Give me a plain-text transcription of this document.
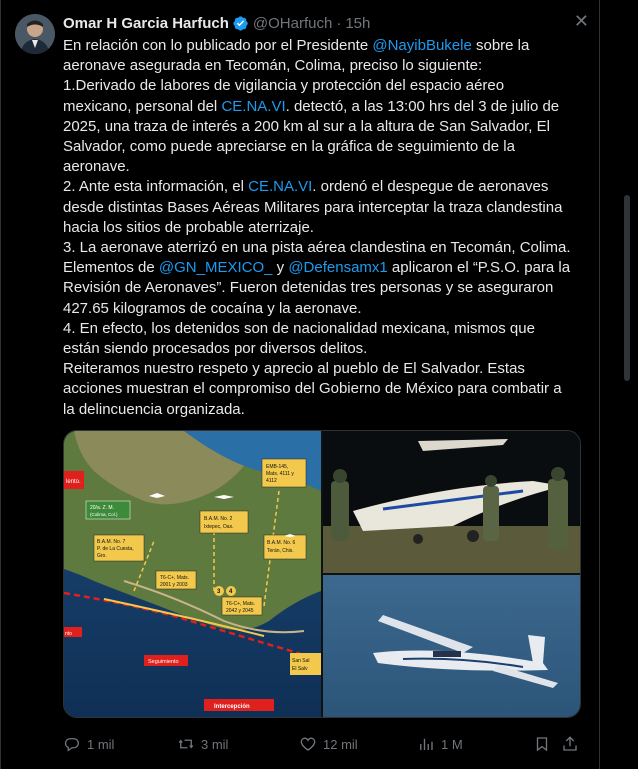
✕
Omar H Garcia Harfuch @OHarfuch · 15h
En relación con lo publicado por el Presidente @NayibBukele sobre la
aeronave asegurada en Tecomán, Colima, preciso lo siguiente:
1.Derivado de labores de vigilancia y protección del espacio aéreo
mexicano, personal del CE.NA.VI. detectó, a las 13:00 hrs del 3 de julio de
2025, una traza de interés a 200 km al sur a la altura de San Salvador, El
Salvador, como puede apreciarse en la gráfica de seguimiento de la
aeronave.
2. Ante esta información, el CE.NA.VI. ordenó el despegue de aeronaves
desde distintas Bases Aéreas Militares para interceptar la traza clandestina
hacia los sitios de probable aterrizaje.
3. La aeronave aterrizó en una pista aérea clandestina en Tecomán, Colima.
Elementos de @GN_MEXICO_ y @Defensamx1 aplicaron el “P.S.O. para la
Revisión de Aeronaves”. Fueron detenidas tres personas y se aseguraron
427.65 kilogramos de cocaína y la aeronave.
4. En efecto, los detenidos son de nacionalidad mexicana, mismos que
están siendo procesados por diversos delitos.
Reiteramos nuestro respeto y aprecio al pueblo de El Salvador. Estas
acciones muestran el compromiso del Gobierno de México para combatir a
la delincuencia organizada.
lento.
20/a. Z. M.
(Colima, Col.)
B.A.M. No. 7
P. de La Cuesta,
Gro.
B.A.M. No. 2
Ixtepec, Oax.
B.A.M. No. 6
Terán, Chis.
EMB-145,
Mats. 4111 y
4112
T6-C+, Mats.
2001 y 2003
T6-C+, Mats.
2042 y 2045
3 4
nto
Seguimiento
Intercepción
San Sal
El Salv
1 mil	3 mil	12 mil	1 M
